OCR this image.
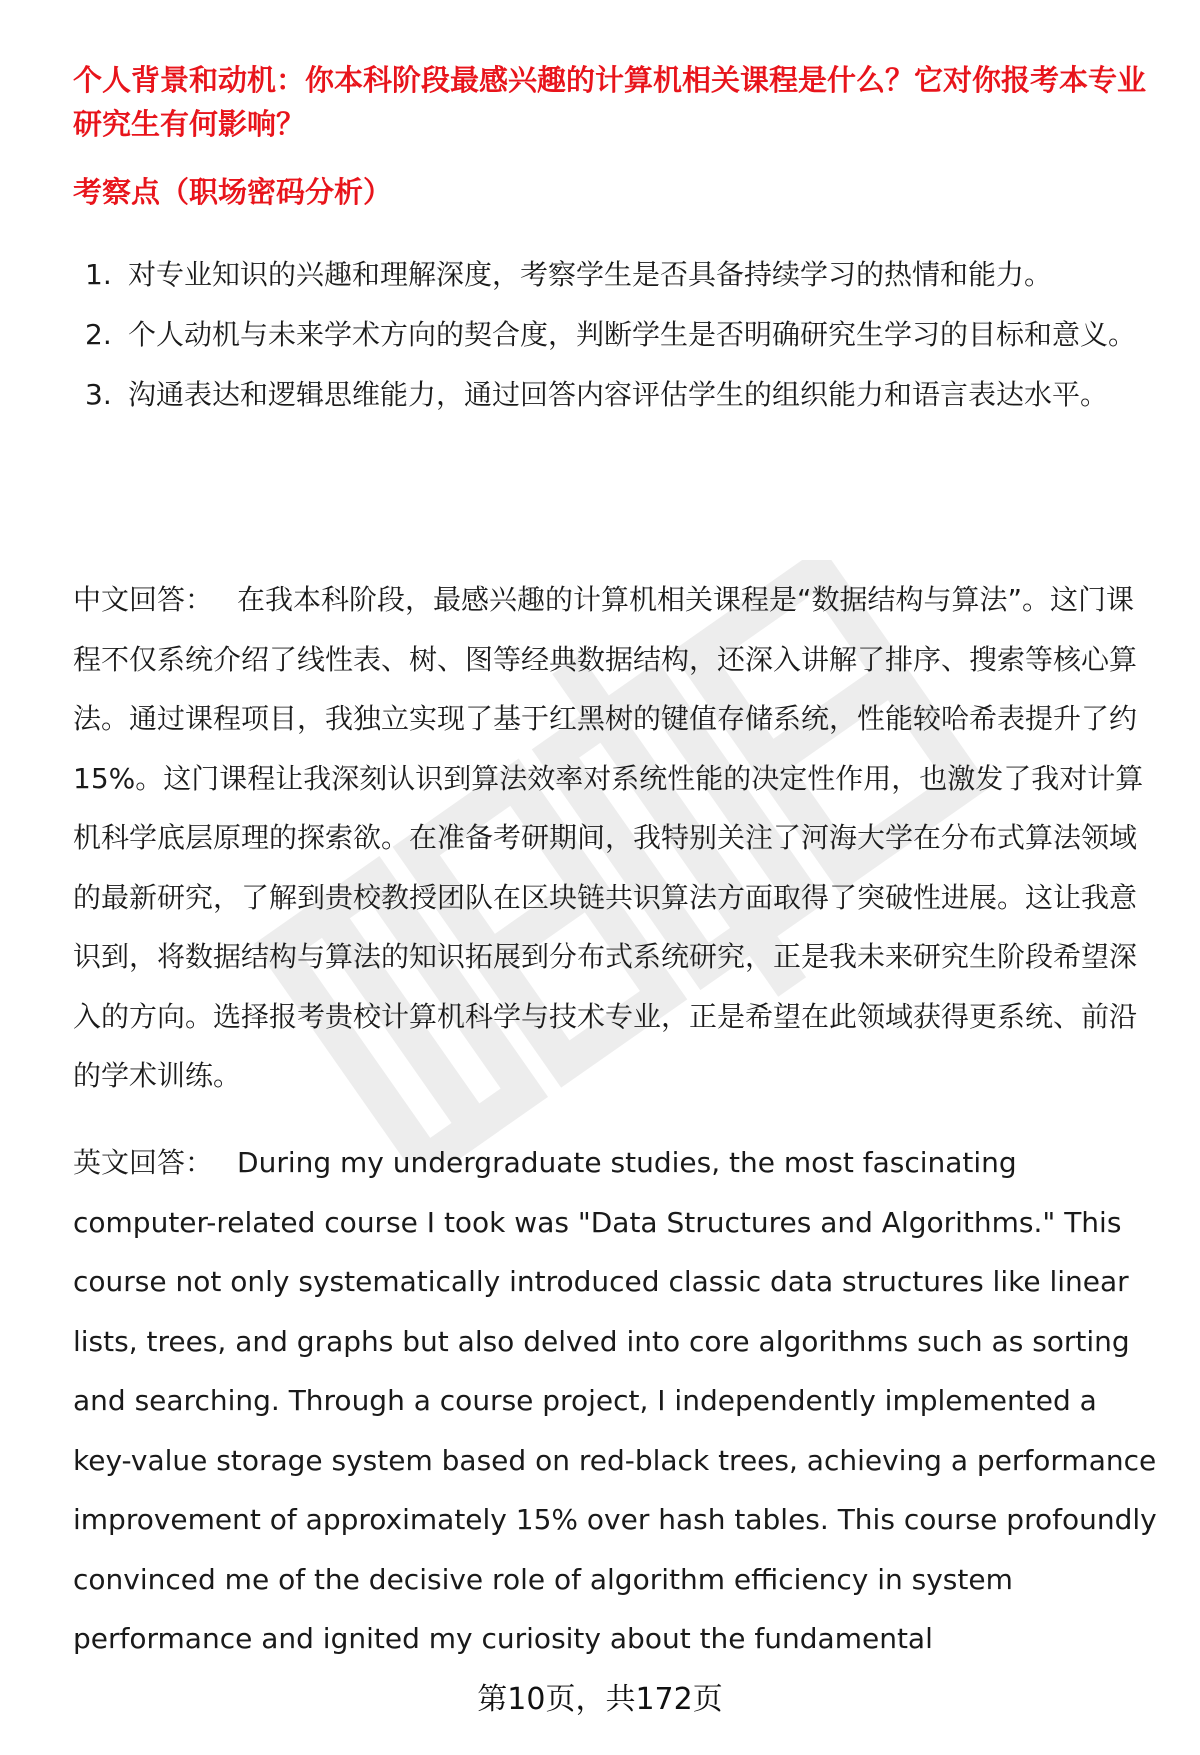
个人背景和动机：你本科阶段最感兴趣的计算机相关课程是什么？它对你报考本专业研究生有何影响？
考察点（职场密码分析）
1. 对专业知识的兴趣和理解深度，考察学生是否具备持续学习的热情和能力。
2. 个人动机与未来学术方向的契合度，判断学生是否明确研究生学习的目标和意义。
3. 沟通表达和逻辑思维能力，通过回答内容评估学生的组织能力和语言表达水平。

中文回答： 在我本科阶段，最感兴趣的计算机相关课程是“数据结构与算法”。这门课程不仅系统介绍了线性表、树、图等经典数据结构，还深入讲解了排序、搜索等核心算法。通过课程项目，我独立实现了基于红黑树的键值存储系统，性能较哈希表提升了约15%。这门课程让我深刻认识到算法效率对系统性能的决定性作用，也激发了我对计算机科学底层原理的探索欲。在准备考研期间，我特别关注了河海大学在分布式算法领域的最新研究，了解到贵校教授团队在区块链共识算法方面取得了突破性进展。这让我意识到，将数据结构与算法的知识拓展到分布式系统研究，正是我未来研究生阶段希望深入的方向。选择报考贵校计算机科学与技术专业，正是希望在此领域获得更系统、前沿的学术训练。

英文回答： During my undergraduate studies, the most fascinating computer-related course I took was "Data Structures and Algorithms." This course not only systematically introduced classic data structures like linear lists, trees, and graphs but also delved into core algorithms such as sorting and searching. Through a course project, I independently implemented a key-value storage system based on red-black trees, achieving a performance improvement of approximately 15% over hash tables. This course profoundly convinced me of the decisive role of algorithm efficiency in system performance and ignited my curiosity about the fundamental

第10页，共172页
